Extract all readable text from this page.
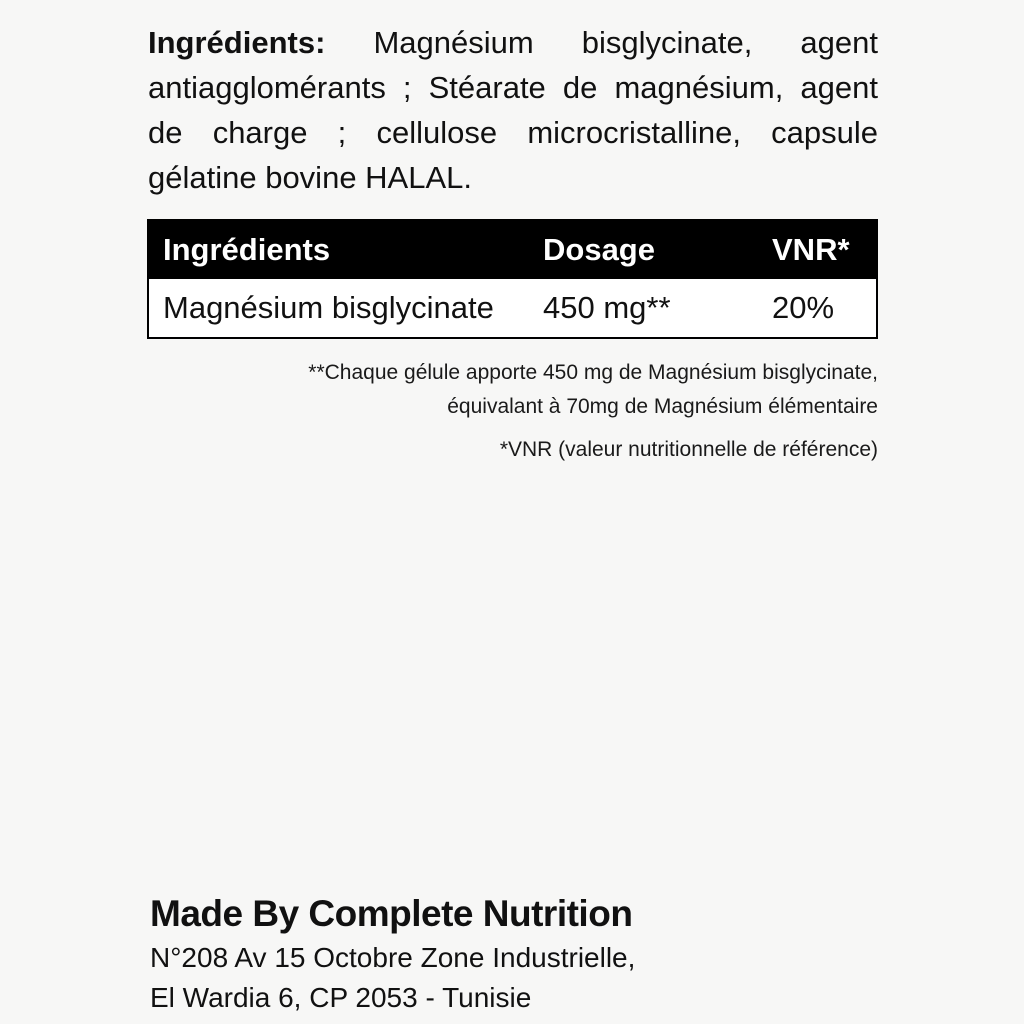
Ingrédients: Magnésium bisglycinate, agent antiagglomérants ; Stéarate de magnésium, agent de charge ; cellulose microcristalline, capsule gélatine bovine HALAL.

Ingrédients	Dosage	VNR*
Magnésium bisglycinate 450 mg**	20%
**Chaque gélule apporte 450 mg de Magnésium bisglycinate,
équivalant à 70mg de Magnésium élémentaire
*VNR (valeur nutritionnelle de référence)
Made By Complete Nutrition
N°208 Av 15 Octobre Zone Industrielle,
El Wardia 6, CP 2053 - Tunisie
